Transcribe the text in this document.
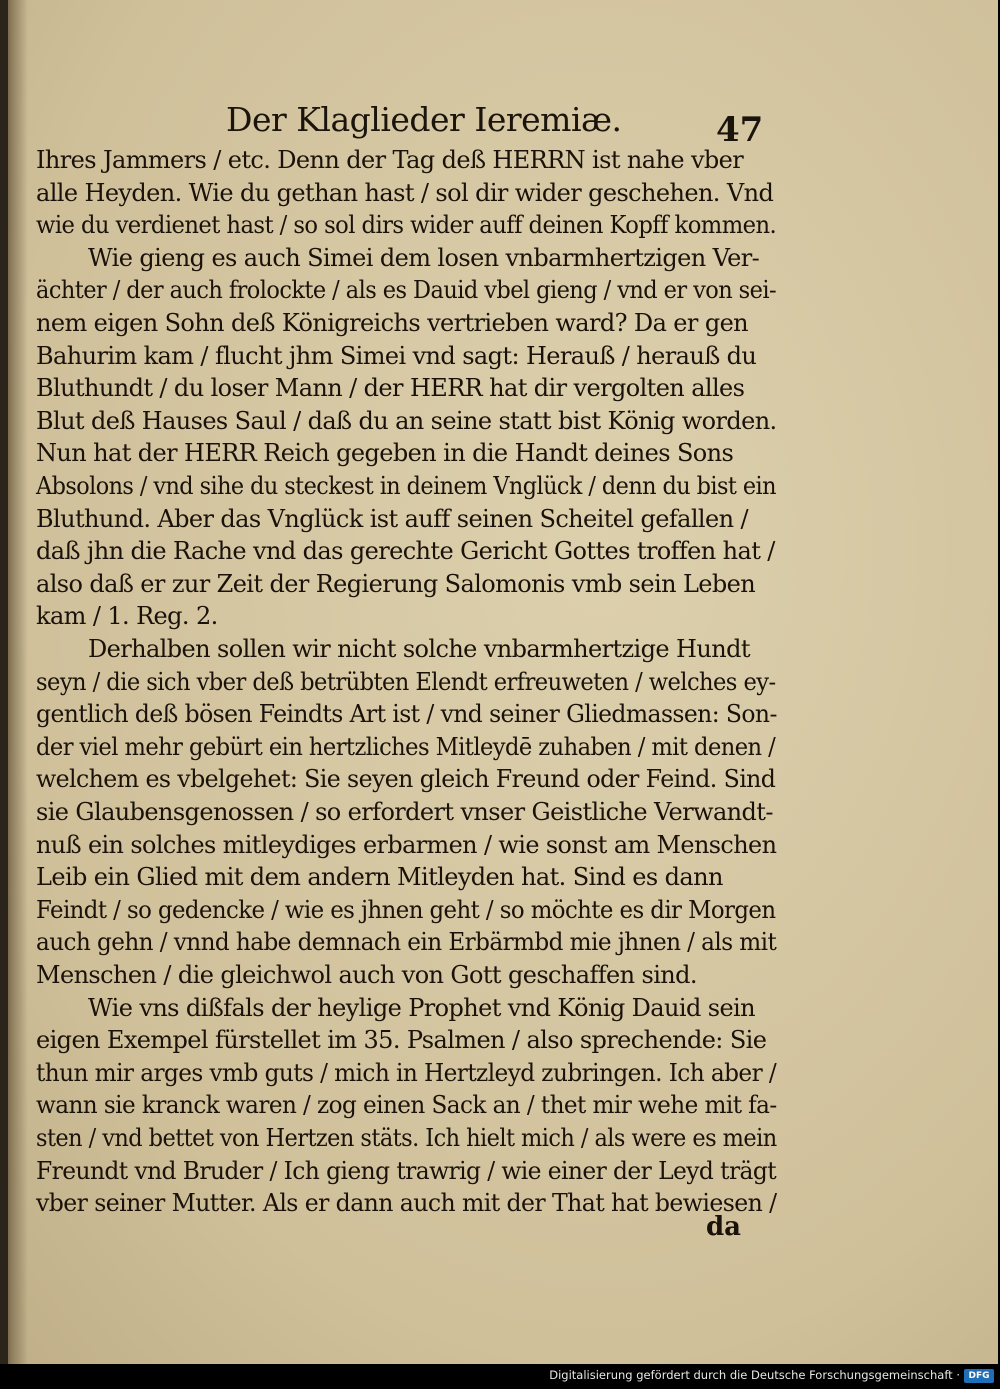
Der Klaglieder Ieremiæ.	47
Ihres Jammers / etc. Denn der Tag deß HERRN ist nahe vber
alle Heyden. Wie du gethan hast / sol dir wider geschehen. Vnd
wie du verdienet hast / so sol dirs wider auff deinen Kopff kommen.
Wie gieng es auch Simei dem losen vnbarmhertzigen Ver-
ächter / der auch frolockte / als es Dauid vbel gieng / vnd er von sei-
nem eigen Sohn deß Königreichs vertrieben ward? Da er gen
Bahurim kam / flucht jhm Simei vnd sagt: Herauß / herauß du
Bluthundt / du loser Mann / der HERR hat dir vergolten alles
Blut deß Hauses Saul / daß du an seine statt bist König worden.
Nun hat der HERR Reich gegeben in die Handt deines Sons
Absolons / vnd sihe du steckest in deinem Vnglück / denn du bist ein
Bluthund. Aber das Vnglück ist auff seinen Scheitel gefallen /
daß jhn die Rache vnd das gerechte Gericht Gottes troffen hat /
also daß er zur Zeit der Regierung Salomonis vmb sein Leben
kam / 1. Reg. 2.
Derhalben sollen wir nicht solche vnbarmhertzige Hundt
seyn / die sich vber deß betrübten Elendt erfreuweten / welches ey-
gentlich deß bösen Feindts Art ist / vnd seiner Gliedmassen: Son-
der viel mehr gebürt ein hertzliches Mitleydē zuhaben / mit denen /
welchem es vbelgehet: Sie seyen gleich Freund oder Feind. Sind
sie Glaubensgenossen / so erfordert vnser Geistliche Verwandt-
nuß ein solches mitleydiges erbarmen / wie sonst am Menschen
Leib ein Glied mit dem andern Mitleyden hat. Sind es dann
Feindt / so gedencke / wie es jhnen geht / so möchte es dir Morgen
auch gehn / vnnd habe demnach ein Erbärmbd mie jhnen / als mit
Menschen / die gleichwol auch von Gott geschaffen sind.
Wie vns dißfals der heylige Prophet vnd König Dauid sein
eigen Exempel fürstellet im 35. Psalmen / also sprechende: Sie
thun mir arges vmb guts / mich in Hertzleyd zubringen. Ich aber /
wann sie kranck waren / zog einen Sack an / thet mir wehe mit fa-
sten / vnd bettet von Hertzen stäts. Ich hielt mich / als were es mein
Freundt vnd Bruder / Ich gieng trawrig / wie einer der Leyd trägt
vber seiner Mutter. Als er dann auch mit der That hat bewiesen /
da
Digitalisierung gefördert durch die Deutsche Forschungsgemeinschaft · DFG
